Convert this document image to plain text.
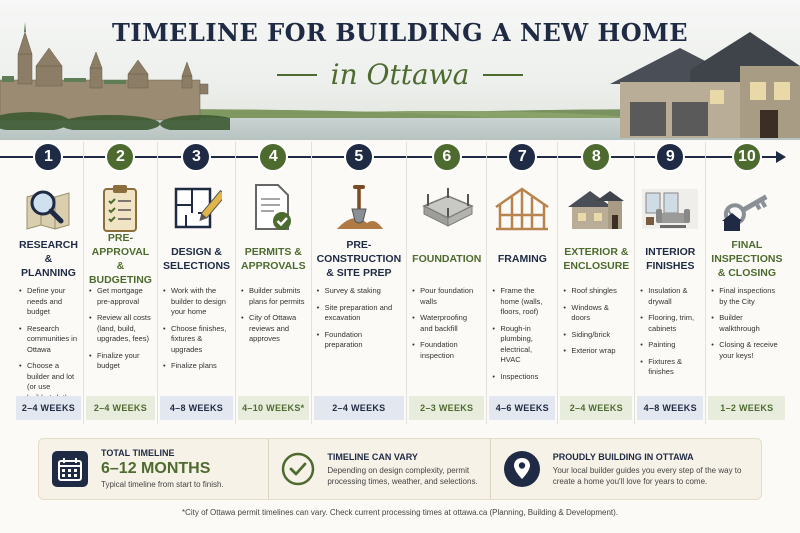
TIMELINE FOR BUILDING A NEW HOME
in Ottawa
1
RESEARCH & PLANNING
• Define your needs and budget
• Research communities in Ottawa
• Choose a builder and lot (or use
2–4 WEEKS
2
PRE-APPROVAL & BUDGETING
• Get mortgage pre-approval
• Review all costs (land, build, upgrades, fees)
• Finalize your budget
2–4 WEEKS
3
DESIGN & SELECTIONS
• Work with the builder to design your home
• Choose finishes, fixtures & upgrades
• Finalize plans
4–8 WEEKS
4
PERMITS & APPROVALS
• Builder submits plans for permits
• City of Ottawa reviews and approves
4–10 WEEKS*
5
PRE-CONSTRUCTION & SITE PREP
• Survey & staking
• Site preparation and excavation
• Foundation preparation
2–4 WEEKS
6
FOUNDATION
• Pour foundation walls
• Waterproofing and backfill
• Foundation inspection
2–3 WEEKS
7
FRAMING
• Frame the home (walls, floors, roof)
• Rough-in plumbing, electrical, HVAC
• Inspections
4–6 WEEKS
8
EXTERIOR & ENCLOSURE
• Roof shingles
• Windows & doors
• Siding/brick
• Exterior wrap
2–4 WEEKS
9
INTERIOR FINISHES
• Insulation & drywall
• Flooring, trim, cabinets
• Painting
• Fixtures & finishes
4–8 WEEKS
10
FINAL INSPECTIONS & CLOSING
• Final inspections by the City
• Builder walkthrough
• Closing & receive your keys!
1–2 WEEKS
TOTAL TIMELINE
6–12 MONTHS
Typical timeline from start to finish.
TIMELINE CAN VARY
Depending on design complexity, permit processing times, weather, and selections.
PROUDLY BUILDING IN OTTAWA
Your local builder guides you every step of the way to create a home you'll love for years to come.
*City of Ottawa permit timelines can vary. Check current processing times at ottawa.ca (Planning, Building & Development).
